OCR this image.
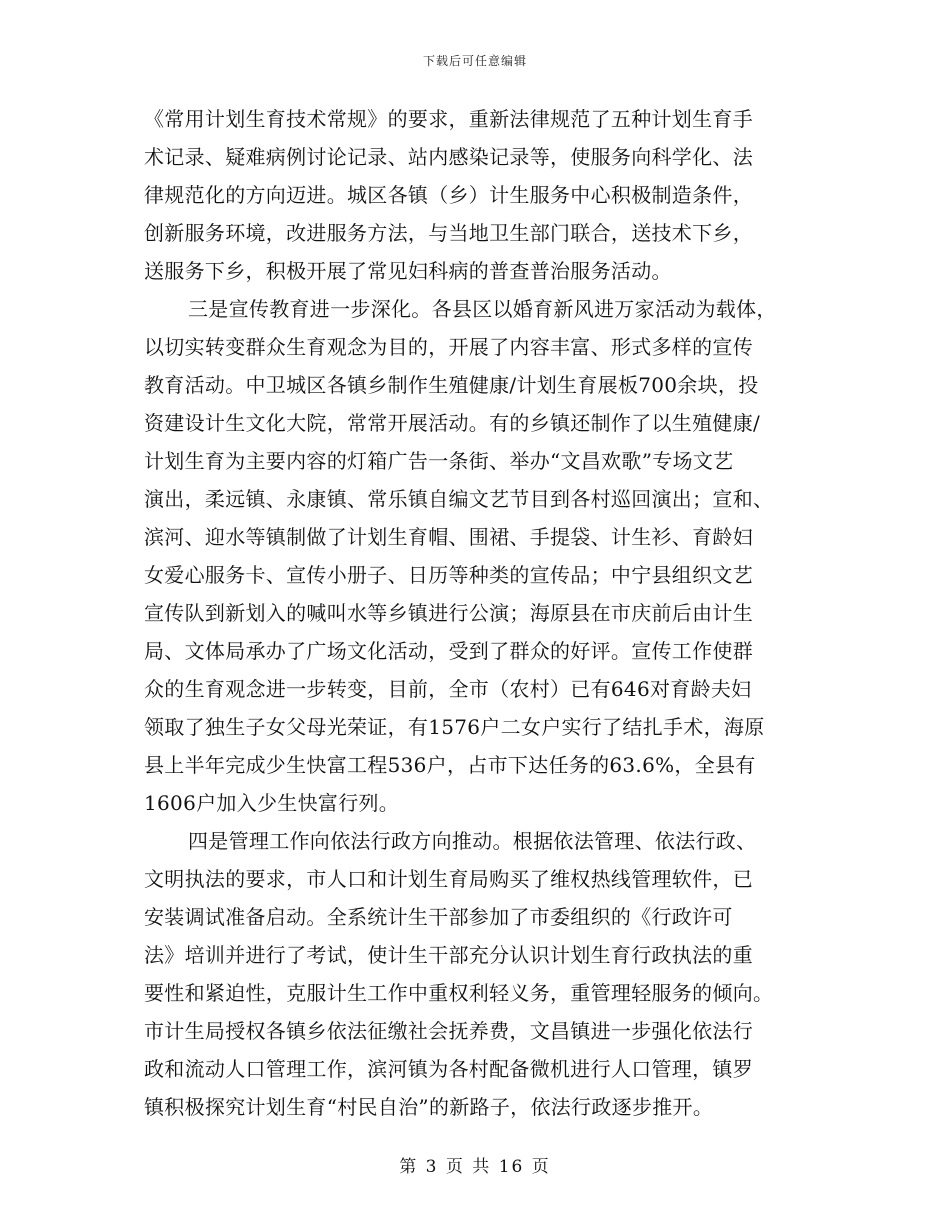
下载后可任意编辑
《常用计划生育技术常规》的要求，重新法律规范了五种计划生育手
术记录、疑难病例讨论记录、站内感染记录等，使服务向科学化、法
律规范化的方向迈进。城区各镇（乡）计生服务中心积极制造条件，
创新服务环境，改进服务方法，与当地卫生部门联合，送技术下乡，
送服务下乡，积极开展了常见妇科病的普查普治服务活动。
三是宣传教育进一步深化。各县区以婚育新风进万家活动为载体，
以切实转变群众生育观念为目的，开展了内容丰富、形式多样的宣传
教育活动。中卫城区各镇乡制作生殖健康/计划生育展板700余块，投
资建设计生文化大院，常常开展活动。有的乡镇还制作了以生殖健康/
计划生育为主要内容的灯箱广告一条街、举办“文昌欢歌”专场文艺
演出，柔远镇、永康镇、常乐镇自编文艺节目到各村巡回演出；宣和、
滨河、迎水等镇制做了计划生育帽、围裙、手提袋、计生衫、育龄妇
女爱心服务卡、宣传小册子、日历等种类的宣传品；中宁县组织文艺
宣传队到新划入的喊叫水等乡镇进行公演；海原县在市庆前后由计生
局、文体局承办了广场文化活动，受到了群众的好评。宣传工作使群
众的生育观念进一步转变，目前，全市（农村）已有646对育龄夫妇
领取了独生子女父母光荣证，有1576户二女户实行了结扎手术，海原
县上半年完成少生快富工程536户，占市下达任务的63.6%，全县有
1606户加入少生快富行列。
四是管理工作向依法行政方向推动。根据依法管理、依法行政、
文明执法的要求，市人口和计划生育局购买了维权热线管理软件，已
安装调试准备启动。全系统计生干部参加了市委组织的《行政许可
法》培训并进行了考试，使计生干部充分认识计划生育行政执法的重
要性和紧迫性，克服计生工作中重权利轻义务，重管理轻服务的倾向。
市计生局授权各镇乡依法征缴社会抚养费，文昌镇进一步强化依法行
政和流动人口管理工作，滨河镇为各村配备微机进行人口管理，镇罗
镇积极探究计划生育“村民自治”的新路子，依法行政逐步推开。
第 3 页 共 16 页
